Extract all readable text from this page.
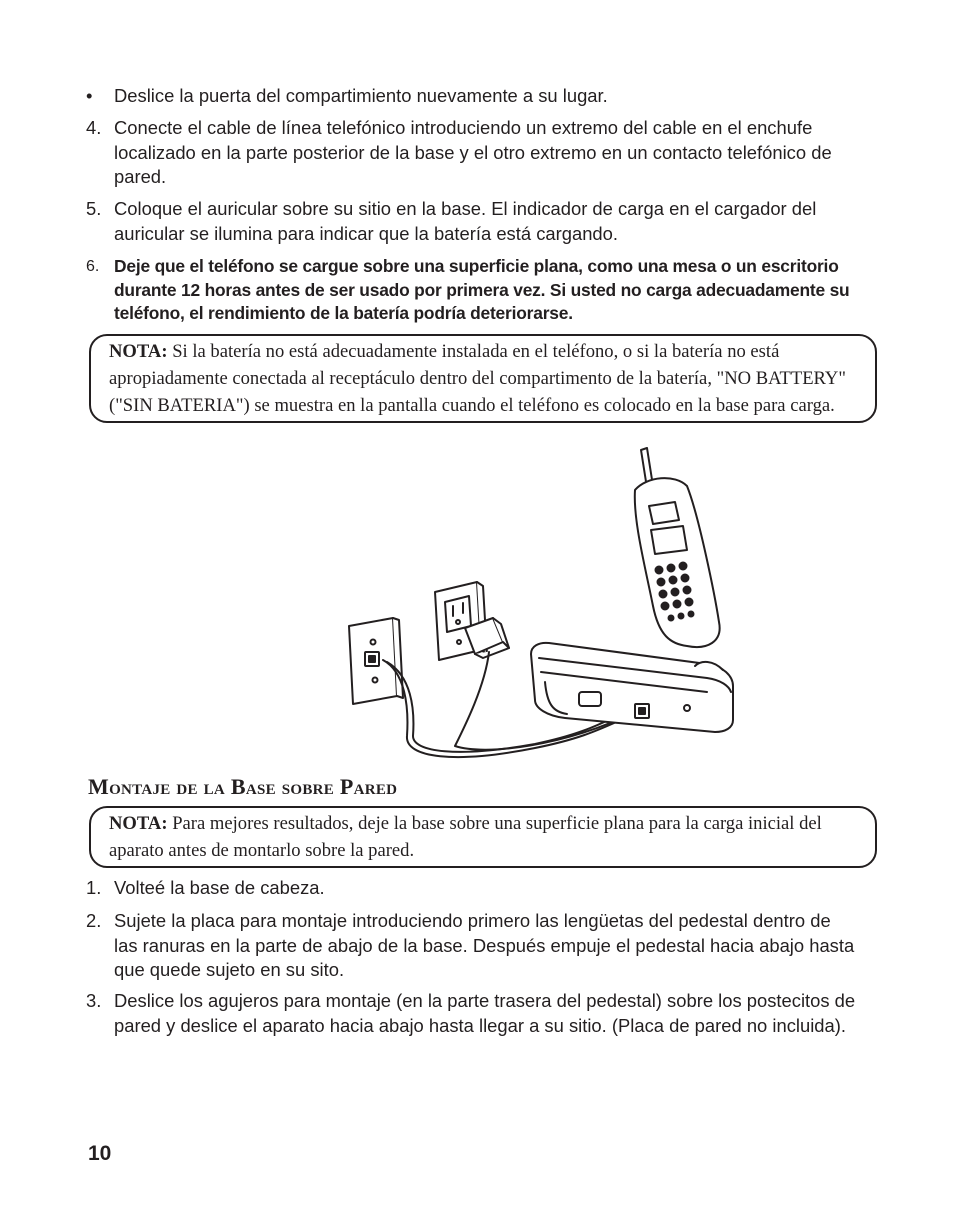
•	Deslice la puerta del compartimiento nuevamente a su lugar.
4. Conecte el cable de línea telefónico introduciendo un extremo del cable en el enchufe localizado en la parte posterior de la base y el otro extremo en un contacto telefónico de pared.
5. Coloque el auricular sobre su sitio en la base. El indicador de carga en el cargador del auricular se ilumina para indicar que la batería está cargando.
6. Deje que el teléfono se cargue sobre una superficie plana, como una mesa o un escritorio durante 12 horas antes de ser usado por primera vez. Si usted no carga adecuadamente su teléfono, el rendimiento de la batería podría deteriorarse.
NOTA: Si la batería no está adecuadamente instalada en el teléfono, o si la batería no está apropiadamente conectada al receptáculo dentro del compartimento de la batería, "NO BATTERY" ("SIN BATERIA") se muestra en la pantalla cuando el teléfono es colocado en la base para carga.
Montaje de la Base sobre Pared
NOTA: Para mejores resultados, deje la base sobre una superficie plana para la carga inicial del aparato antes de montarlo sobre la pared.
1. Volteé la base de cabeza.
2. Sujete la placa para montaje introduciendo primero las lengüetas del pedestal dentro de las ranuras en la parte de abajo de la base. Después empuje el pedestal hacia abajo hasta que quede sujeto en su sito.
3. Deslice los agujeros para montaje (en la parte trasera del pedestal) sobre los postecitos de pared y deslice el aparato hacia abajo hasta llegar a su sitio. (Placa de pared no incluida).
10
